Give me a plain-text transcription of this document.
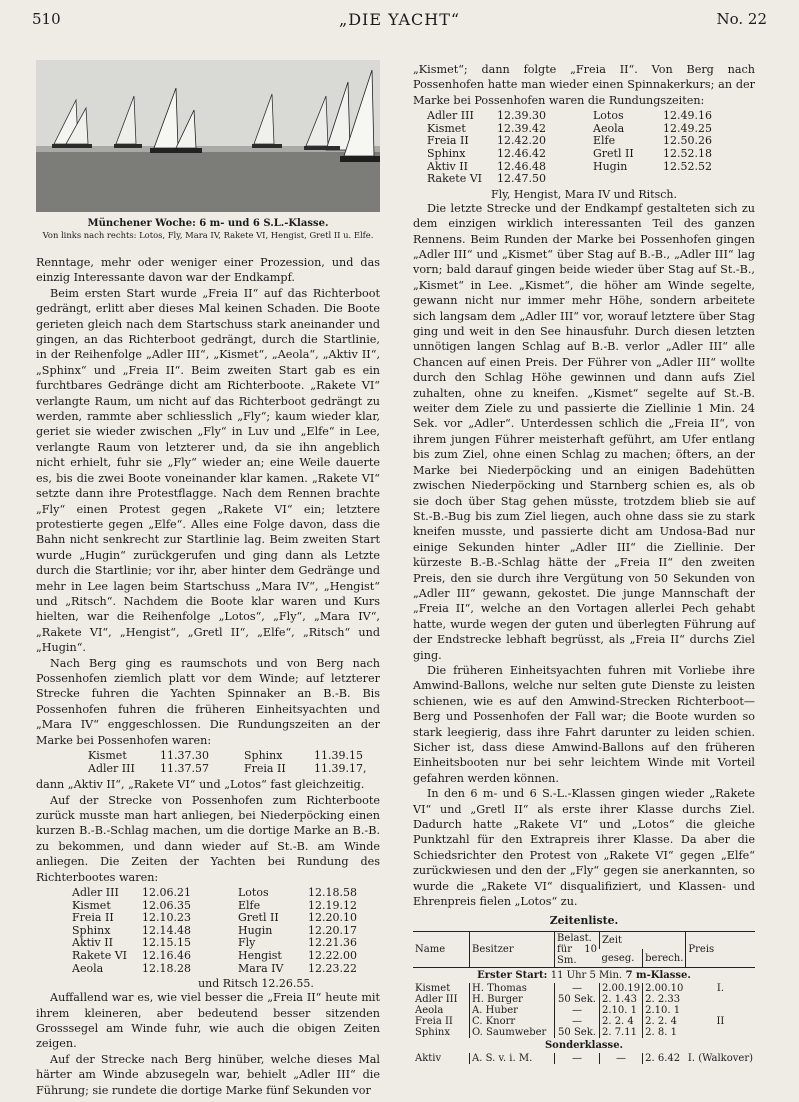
510	„DIE YACHT“	No. 22
Münchener Woche: 6 m- und 6 S.L.-Klasse.
Von links nach rechts: Lotos, Fly, Mara IV, Rakete VI, Hengist, Gretl II u. Elfe.

Renntage, mehr oder weniger einer Prozession, und das einzig Interessante davon war der Endkampf.

Beim ersten Start wurde „Freia II“ auf das Richterboot gedrängt, erlitt aber dieses Mal keinen Schaden. Die Boote gerieten gleich nach dem Startschuss stark aneinander und gingen, an das Richterboot gedrängt, durch die Startlinie, in der Reihenfolge „Adler III“, „Kismet“, „Aeola“, „Aktiv II“, „Sphinx“ und „Freia II“. Beim zweiten Start gab es ein furchtbares Gedränge dicht am Richterboote. „Rakete VI“ verlangte Raum, um nicht auf das Richterboot gedrängt zu werden, rammte aber schliesslich „Fly“; kaum wieder klar, geriet sie wieder zwischen „Fly“ in Luv und „Elfe“ in Lee, verlangte Raum von letzterer und, da sie ihn angeblich nicht erhielt, fuhr sie „Fly“ wieder an; eine Weile dauerte es, bis die zwei Boote voneinander klar kamen. „Rakete VI“ setzte dann ihre Protestflagge. Nach dem Rennen brachte „Fly“ einen Protest gegen „Rakete VI“ ein; letztere protestierte gegen „Elfe“. Alles eine Folge davon, dass die Bahn nicht senkrecht zur Startlinie lag. Beim zweiten Start wurde „Hugin“ zurückgerufen und ging dann als Letzte durch die Startlinie; vor ihr, aber hinter dem Gedränge und mehr in Lee lagen beim Startschuss „Mara IV“, „Hengist“ und „Ritsch“. Nachdem die Boote klar waren und Kurs hielten, war die Reihenfolge „Lotos“, „Fly“, „Mara IV“, „Rakete VI“, „Hengist“, „Gretl II“, „Elfe“, „Ritsch“ und „Hugin“.

Nach Berg ging es raumschots und von Berg nach Possenhofen ziemlich platt vor dem Winde; auf letzterer Strecke fuhren die Yachten Spinnaker an B.-B. Bis Possenhofen fuhren die früheren Einheitsyachten und „Mara IV“ enggeschlossen. Die Rundungszeiten an der Marke bei Possenhofen waren:

Kismet	11.37.30	Sphinx	11.39.15
Adler III	11.37.57	Freia II	11.39.17,

dann „Aktiv II“, „Rakete VI“ und „Lotos“ fast gleichzeitig.

Auf der Strecke von Possenhofen zum Richterboote zurück musste man hart anliegen, bei Niederpöcking einen kurzen B.-B.-Schlag machen, um die dortige Marke an B.-B. zu bekommen, und dann wieder auf St.-B. am Winde anliegen. Die Zeiten der Yachten bei Rundung des Richterbootes waren:

Adler III	12.06.21	Lotos	12.18.58
Kismet	12.06.35	Elfe	12.19.12
Freia II	12.10.23	Gretl II	12.20.10
Sphinx	12.14.48	Hugin	12.20.17
Aktiv II	12.15.15	Fly	12.21.36
Rakete VI	12.16.46	Hengist	12.22.00
Aeola	12.18.28	Mara IV	12.23.22
und Ritsch 12.26.55.

Auffallend war es, wie viel besser die „Freia II“ heute mit ihrem kleineren, aber bedeutend besser sitzenden Grosssegel am Winde fuhr, wie auch die obigen Zeiten zeigen.

Auf der Strecke nach Berg hinüber, welche dieses Mal härter am Winde abzusegeln war, behielt „Adler III“ die Führung; sie rundete die dortige Marke fünf Sekunden vor

„Kismet“; dann folgte „Freia II“. Von Berg nach Possenhofen hatte man wieder einen Spinnakerkurs; an der Marke bei Possenhofen waren die Rundungszeiten:

Adler III	12.39.30	Lotos	12.49.16
Kismet	12.39.42	Aeola	12.49.25
Freia II	12.42.20	Elfe	12.50.26
Sphinx	12.46.42	Gretl II	12.52.18
Aktiv II	12.46.48	Hugin	12.52.52
Rakete VI	12.47.50
Fly, Hengist, Mara IV und Ritsch.

Die letzte Strecke und der Endkampf gestalteten sich zu dem einzigen wirklich interessanten Teil des ganzen Rennens. Beim Runden der Marke bei Possenhofen gingen „Adler III“ und „Kismet“ über Stag auf B.-B., „Adler III“ lag vorn; bald darauf gingen beide wieder über Stag auf St.-B., „Kismet“ in Lee. „Kismet“, die höher am Winde segelte, gewann nicht nur immer mehr Höhe, sondern arbeitete sich langsam dem „Adler III“ vor, worauf letztere über Stag ging und weit in den See hinausfuhr. Durch diesen letzten unnötigen langen Schlag auf B.-B. verlor „Adler III“ alle Chancen auf einen Preis. Der Führer von „Adler III“ wollte durch den Schlag Höhe gewinnen und dann aufs Ziel zuhalten, ohne zu kneifen. „Kismet“ segelte auf St.-B. weiter dem Ziele zu und passierte die Ziellinie 1 Min. 24 Sek. vor „Adler“. Unterdessen schlich die „Freia II“, von ihrem jungen Führer meisterhaft geführt, am Ufer entlang bis zum Ziel, ohne einen Schlag zu machen; öfters, an der Marke bei Niederpöcking und an einigen Badehütten zwischen Niederpöcking und Starnberg schien es, als ob sie doch über Stag gehen müsste, trotzdem blieb sie auf St.-B.-Bug bis zum Ziel liegen, auch ohne dass sie zu stark kneifen musste, und passierte dicht am Undosa-Bad nur einige Sekunden hinter „Adler III“ die Ziellinie. Der kürzeste B.-B.-Schlag hätte der „Freia II“ den zweiten Preis, den sie durch ihre Vergütung von 50 Sekunden von „Adler III“ gewann, gekostet. Die junge Mannschaft der „Freia II“, welche an den Vortagen allerlei Pech gehabt hatte, wurde wegen der guten und überlegten Führung auf der Endstrecke lebhaft begrüsst, als „Freia II“ durchs Ziel ging.

Die früheren Einheitsyachten fuhren mit Vorliebe ihre Amwind-Ballons, welche nur selten gute Dienste zu leisten schienen, wie es auf den Amwind-Strecken Richterboot—Berg und Possenhofen der Fall war; die Boote wurden so stark leegierig, dass ihre Fahrt darunter zu leiden schien. Sicher ist, dass diese Amwind-Ballons auf den früheren Einheitsbooten nur bei sehr leichtem Winde mit Vorteil gefahren werden können.

In den 6 m- und 6 S.-L.-Klassen gingen wieder „Rakete VI“ und „Gretl II“ als erste ihrer Klasse durchs Ziel. Dadurch hatte „Rakete VI“ und „Lotos“ die gleiche Punktzahl für den Extrapreis ihrer Klasse. Da aber die Schiedsrichter den Protest von „Rakete VI“ gegen „Elfe“ zurückwiesen und den der „Fly“ gegen sie anerkannten, so wurde die „Rakete VI“ disqualifiziert, und Klassen- und Ehrenpreis fielen „Lotos“ zu.

Zeitenliste.
Name	Besitzer	Belast. für 10 Sm.	Zeit		Preis
			geseg.	berech.	
Erster Start: 11 Uhr 5 Min. 7 m-Klasse.					
Kismet	H. Thomas	—	2.00.19	2.00.10	I.
Adler III	H. Burger	50 Sek.	2. 1.43	2. 2.33	
Aeola	A. Huber	—	2.10. 1	2.10. 1	
Freia II	C. Knorr	—	2. 2. 4	2. 2. 4	II
Sphinx	O. Saumweber	50 Sek.	2. 7.11	2. 8. 1	
Sonderklasse.					
Aktiv	A. S. v. i. M.	—	—	2. 6.42	I. (Walkover)
